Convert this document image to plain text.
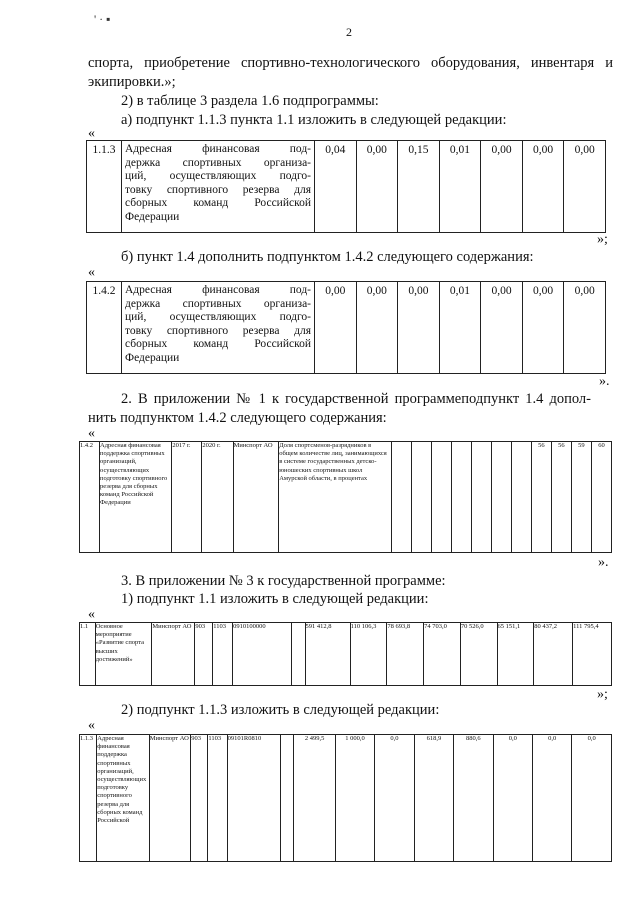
' · ▪
2
спорта, приобретение спортивно-технологического оборудования, инвентаря и
экипировки.»;
2) в таблице 3 раздела 1.6 подпрограммы:
а) подпункт 1.1.3 пункта 1.1 изложить в следующей редакции:
«
1.1.3	Адресная финансовая под-
держка спортивных организа-
ций, осуществляющих подго-
товку спортивного резерва для
сборных команд Российской
Федерации
	0,04	0,00	0,15	0,01	0,00	0,00	0,00
»;
б) пункт 1.4 дополнить подпунктом 1.4.2 следующего содержания:
«
1.4.2	Адресная финансовая под-
держка спортивных организа-
ций, осуществляющих подго-
товку спортивного резерва для
сборных команд Российской
Федерации
	0,00	0,00	0,00	0,01	0,00	0,00	0,00
».
2. В приложении № 1 к государственной программеподпункт 1.4 допол-
нить подпунктом 1.4.2 следующего содержания:
«
1.4.2	Адресная финансовая поддержка спортивных организаций, осуществляющих подготовку спортивного резерва для сборных команд Российской Федерации	2017 г.	2020 г.	Минспорт АО	Доля спортсменов-разрядников в общем количестве лиц, занимающихся в системе государственных детско-юношеских спортивных школ Амурской области, в процентах								56	56	59	60
».
3. В приложении № 3 к государственной программе:
1) подпункт 1.1 изложить в следующей редакции:
«
1.1	Основное мероприятие «Развитие спорта высших достижений»	Минспорт АО	903	1103	0910100000		591 412,8	110 106,3	78 693,8	74 703,0	70 526,0	65 151,1	80 437,2	111 795,4
»;
2) подпункт 1.1.3 изложить в следующей редакции:
«
1.1.3	Адресная финансовая поддержка спортивных организаций, осуществляющих подготовку спортивного резерва для сборных команд Российской	Минспорт АО	903	1103	09101R0810		2 499,5	1 000,0	0,0	618,9	880,6	0,0	0,0	0,0
